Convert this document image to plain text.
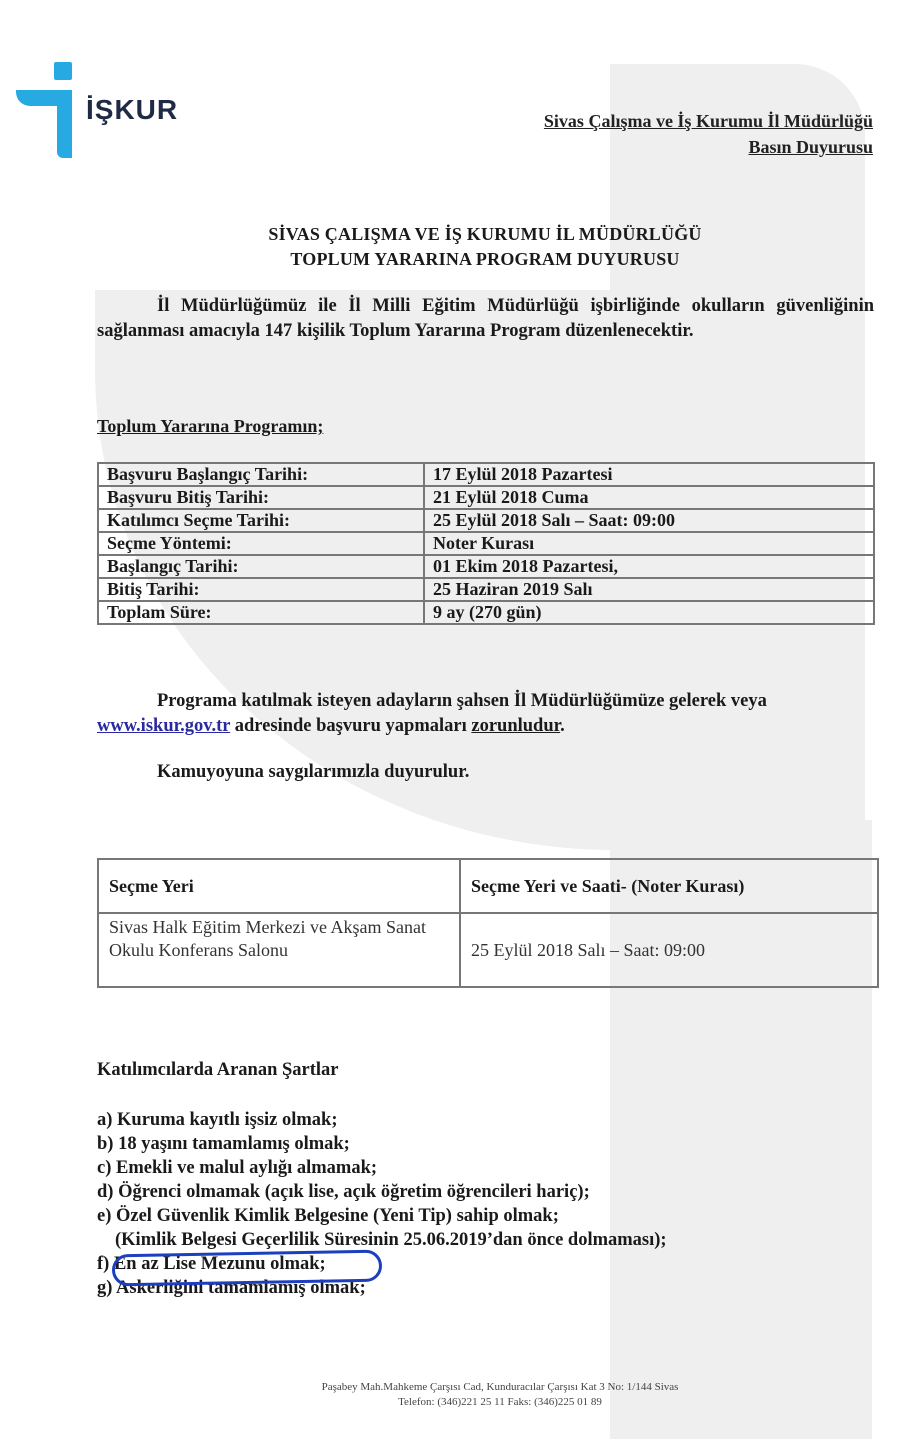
İŞKUR	Sivas Çalışma ve İş Kurumu İl Müdürlüğü
Basın Duyurusu
SİVAS ÇALIŞMA VE İŞ KURUMU İL MÜDÜRLÜĞÜ
TOPLUM YARARINA PROGRAM DUYURUSU
İl Müdürlüğümüz ile İl Milli Eğitim Müdürlüğü işbirliğinde okulların güvenliğinin sağlanması amacıyla 147 kişilik Toplum Yararına Program düzenlenecektir.
Toplum Yararına Programın;
Başvuru Başlangıç Tarihi:	17 Eylül 2018 Pazartesi
Başvuru Bitiş Tarihi:	21 Eylül 2018 Cuma
Katılımcı Seçme Tarihi:	25 Eylül 2018 Salı – Saat: 09:00
Seçme Yöntemi:	Noter Kurası
Başlangıç Tarihi:	01 Ekim 2018 Pazartesi,
Bitiş Tarihi:	25 Haziran 2019 Salı
Toplam Süre:	9 ay (270 gün)
Programa katılmak isteyen adayların şahsen İl Müdürlüğümüze gelerek veya
www.iskur.gov.tr adresinde başvuru yapmaları zorunludur.
Kamuyoyuna saygılarımızla duyurulur.
Seçme Yeri	Seçme Yeri ve Saati- (Noter Kurası)
Sivas Halk Eğitim Merkezi ve Akşam Sanat Okulu Konferans Salonu	25 Eylül 2018 Salı – Saat: 09:00
Katılımcılarda Aranan Şartlar
a) Kuruma kayıtlı işsiz olmak;
b) 18 yaşını tamamlamış olmak;
c) Emekli ve malul aylığı almamak;
d) Öğrenci olmamak (açık lise, açık öğretim öğrencileri hariç);
e) Özel Güvenlik Kimlik Belgesine (Yeni Tip) sahip olmak;
(Kimlik Belgesi Geçerlilik Süresinin 25.06.2019’dan önce dolmaması);
f) En az Lise Mezunu olmak;
g) Askerliğini tamamlamış olmak;
Paşabey Mah.Mahkeme Çarşısı Cad, Kunduracılar Çarşısı Kat 3 No: 1/144 Sivas
Telefon: (346)221 25 11 Faks: (346)225 01 89
